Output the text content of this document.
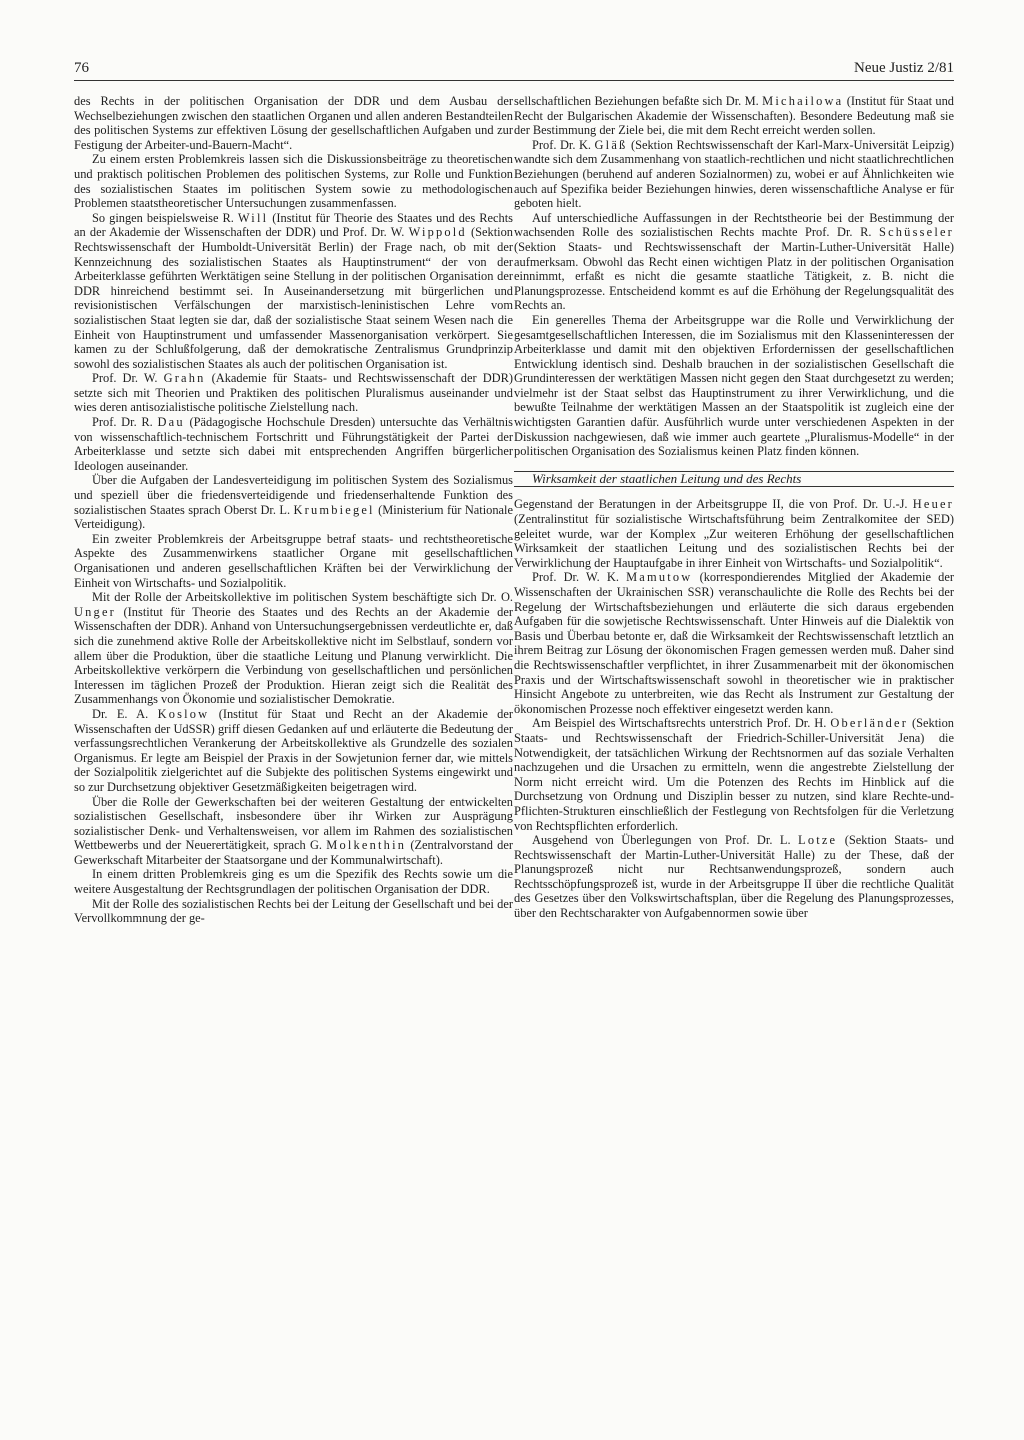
76	Neue Justiz 2/81

des Rechts in der politischen Organisation der DDR und dem Ausbau der Wechselbeziehungen zwischen den staatlichen Organen und allen anderen Bestandteilen des politischen Systems zur effektiven Lösung der gesellschaftlichen Aufgaben und zur Festigung der Arbeiter-und-Bauern-Macht“.

Zu einem ersten Problemkreis lassen sich die Diskussionsbeiträge zu theoretischen und praktisch politischen Problemen des politischen Systems, zur Rolle und Funktion des sozialistischen Staates im politischen System sowie zu methodologischen Problemen staatstheoretischer Untersuchungen zusammenfassen.

So gingen beispielsweise R. Will (Institut für Theorie des Staates und des Rechts an der Akademie der Wissenschaften der DDR) und Prof. Dr. W. Wippold (Sektion Rechtswissenschaft der Humboldt-Universität Berlin) der Frage nach, ob mit der Kennzeichnung des sozialistischen Staates als Hauptinstrument“ der von der Arbeiterklasse geführten Werktätigen seine Stellung in der politischen Organisation der DDR hinreichend bestimmt sei. In Auseinandersetzung mit bürgerlichen und revisionistischen Verfälschungen der marxistisch-leninistischen Lehre vom sozialistischen Staat legten sie dar, daß der sozialistische Staat seinem Wesen nach die Einheit von Hauptinstrument und umfassender Massenorganisation verkörpert. Sie kamen zu der Schlußfolgerung, daß der demokratische Zentralismus Grundprinzip sowohl des sozialistischen Staates als auch der politischen Organisation ist.

Prof. Dr. W. Grahn (Akademie für Staats- und Rechtswissenschaft der DDR) setzte sich mit Theorien und Praktiken des politischen Pluralismus auseinander und wies deren antisozialistische politische Zielstellung nach.

Prof. Dr. R. Dau (Pädagogische Hochschule Dresden) untersuchte das Verhältnis von wissenschaftlich-technischem Fortschritt und Führungstätigkeit der Partei der Arbeiterklasse und setzte sich dabei mit entsprechenden Angriffen bürgerlicher Ideologen auseinander.

Über die Aufgaben der Landesverteidigung im politischen System des Sozialismus und speziell über die friedensverteidigende und friedenserhaltende Funktion des sozialistischen Staates sprach Oberst Dr. L. Krumbiegel (Ministerium für Nationale Verteidigung).

Ein zweiter Problemkreis der Arbeitsgruppe betraf staats- und rechtstheoretische Aspekte des Zusammenwirkens staatlicher Organe mit gesellschaftlichen Organisationen und anderen gesellschaftlichen Kräften bei der Verwirklichung der Einheit von Wirtschafts- und Sozialpolitik.

Mit der Rolle der Arbeitskollektive im politischen System beschäftigte sich Dr. O. Unger (Institut für Theorie des Staates und des Rechts an der Akademie der Wissenschaften der DDR). Anhand von Untersuchungsergebnissen verdeutlichte er, daß sich die zunehmend aktive Rolle der Arbeitskollektive nicht im Selbstlauf, sondern vor allem über die Produktion, über die staatliche Leitung und Planung verwirklicht. Die Arbeitskollektive verkörpern die Verbindung von gesellschaftlichen und persönlichen Interessen im täglichen Prozeß der Produktion. Hieran zeigt sich die Realität des Zusammenhangs von Ökonomie und sozialistischer Demokratie.

Dr. E. A. Koslow (Institut für Staat und Recht an der Akademie der Wissenschaften der UdSSR) griff diesen Gedanken auf und erläuterte die Bedeutung der verfassungsrechtlichen Verankerung der Arbeitskollektive als Grundzelle des sozialen Organismus. Er legte am Beispiel der Praxis in der Sowjetunion ferner dar, wie mittels der Sozialpolitik zielgerichtet auf die Subjekte des politischen Systems eingewirkt und so zur Durchsetzung objektiver Gesetzmäßigkeiten beigetragen wird.

Über die Rolle der Gewerkschaften bei der weiteren Gestaltung der entwickelten sozialistischen Gesellschaft, insbesondere über ihr Wirken zur Ausprägung sozialistischer Denk- und Verhaltensweisen, vor allem im Rahmen des sozialistischen Wettbewerbs und der Neuerertätigkeit, sprach G. Molkenthin (Zentralvorstand der Gewerkschaft Mitarbeiter der Staatsorgane und der Kommunalwirtschaft).

In einem dritten Problemkreis ging es um die Spezifik des Rechts sowie um die weitere Ausgestaltung der Rechtsgrundlagen der politischen Organisation der DDR.

Mit der Rolle des sozialistischen Rechts bei der Leitung der Gesellschaft und bei der Vervollkommnung der ge-

sellschaftlichen Beziehungen befaßte sich Dr. M. Michailowa (Institut für Staat und Recht der Bulgarischen Akademie der Wissenschaften). Besondere Bedeutung maß sie der Bestimmung der Ziele bei, die mit dem Recht erreicht werden sollen.

Prof. Dr. K. Gläß (Sektion Rechtswissenschaft der Karl-Marx-Universität Leipzig) wandte sich dem Zusammenhang von staatlich-rechtlichen und nicht staatlichrechtlichen Beziehungen (beruhend auf anderen Sozialnormen) zu, wobei er auf Ähnlichkeiten wie auch auf Spezifika beider Beziehungen hinwies, deren wissenschaftliche Analyse er für geboten hielt.

Auf unterschiedliche Auffassungen in der Rechtstheorie bei der Bestimmung der wachsenden Rolle des sozialistischen Rechts machte Prof. Dr. R. Schüsseler (Sektion Staats- und Rechtswissenschaft der Martin-Luther-Universität Halle) aufmerksam. Obwohl das Recht einen wichtigen Platz in der politischen Organisation einnimmt, erfaßt es nicht die gesamte staatliche Tätigkeit, z. B. nicht die Planungsprozesse. Entscheidend kommt es auf die Erhöhung der Regelungsqualität des Rechts an.

Ein generelles Thema der Arbeitsgruppe war die Rolle und Verwirklichung der gesamtgesellschaftlichen Interessen, die im Sozialismus mit den Klasseninteressen der Arbeiterklasse und damit mit den objektiven Erfordernissen der gesellschaftlichen Entwicklung identisch sind. Deshalb brauchen in der sozialistischen Gesellschaft die Grundinteressen der werktätigen Massen nicht gegen den Staat durchgesetzt zu werden; vielmehr ist der Staat selbst das Hauptinstrument zu ihrer Verwirklichung, und die bewußte Teilnahme der werktätigen Massen an der Staatspolitik ist zugleich eine der wichtigsten Garantien dafür. Ausführlich wurde unter verschiedenen Aspekten in der Diskussion nachgewiesen, daß wie immer auch geartete „Pluralismus-Modelle“ in der politischen Organisation des Sozialismus keinen Platz finden können.

Wirksamkeit der staatlichen Leitung und des Rechts

Gegenstand der Beratungen in der Arbeitsgruppe II, die von Prof. Dr. U.-J. Heuer (Zentralinstitut für sozialistische Wirtschaftsführung beim Zentralkomitee der SED) geleitet wurde, war der Komplex „Zur weiteren Erhöhung der gesellschaftlichen Wirksamkeit der staatlichen Leitung und des sozialistischen Rechts bei der Verwirklichung der Hauptaufgabe in ihrer Einheit von Wirtschafts- und Sozialpolitik“.

Prof. Dr. W. K. Mamutow (korrespondierendes Mitglied der Akademie der Wissenschaften der Ukrainischen SSR) veranschaulichte die Rolle des Rechts bei der Regelung der Wirtschaftsbeziehungen und erläuterte die sich daraus ergebenden Aufgaben für die sowjetische Rechtswissenschaft. Unter Hinweis auf die Dialektik von Basis und Überbau betonte er, daß die Wirksamkeit der Rechtswissenschaft letztlich an ihrem Beitrag zur Lösung der ökonomischen Fragen gemessen werden muß. Daher sind die Rechtswissenschaftler verpflichtet, in ihrer Zusammenarbeit mit der ökonomischen Praxis und der Wirtschaftswissenschaft sowohl in theoretischer wie in praktischer Hinsicht Angebote zu unterbreiten, wie das Recht als Instrument zur Gestaltung der ökonomischen Prozesse noch effektiver eingesetzt werden kann.

Am Beispiel des Wirtschaftsrechts unterstrich Prof. Dr. H. Oberländer (Sektion Staats- und Rechtswissenschaft der Friedrich-Schiller-Universität Jena) die Notwendigkeit, der tatsächlichen Wirkung der Rechtsnormen auf das soziale Verhalten nachzugehen und die Ursachen zu ermitteln, wenn die angestrebte Zielstellung der Norm nicht erreicht wird. Um die Potenzen des Rechts im Hinblick auf die Durchsetzung von Ordnung und Disziplin besser zu nutzen, sind klare Rechte-und-Pflichten-Strukturen einschließlich der Festlegung von Rechtsfolgen für die Verletzung von Rechtspflichten erforderlich.

Ausgehend von Überlegungen von Prof. Dr. L. Lotze (Sektion Staats- und Rechtswissenschaft der Martin-Luther-Universität Halle) zu der These, daß der Planungsprozeß nicht nur Rechtsanwendungsprozeß, sondern auch Rechtsschöpfungsprozeß ist, wurde in der Arbeitsgruppe II über die rechtliche Qualität des Gesetzes über den Volkswirtschaftsplan, über die Regelung des Planungsprozesses, über den Rechtscharakter von Aufgabennormen sowie über
